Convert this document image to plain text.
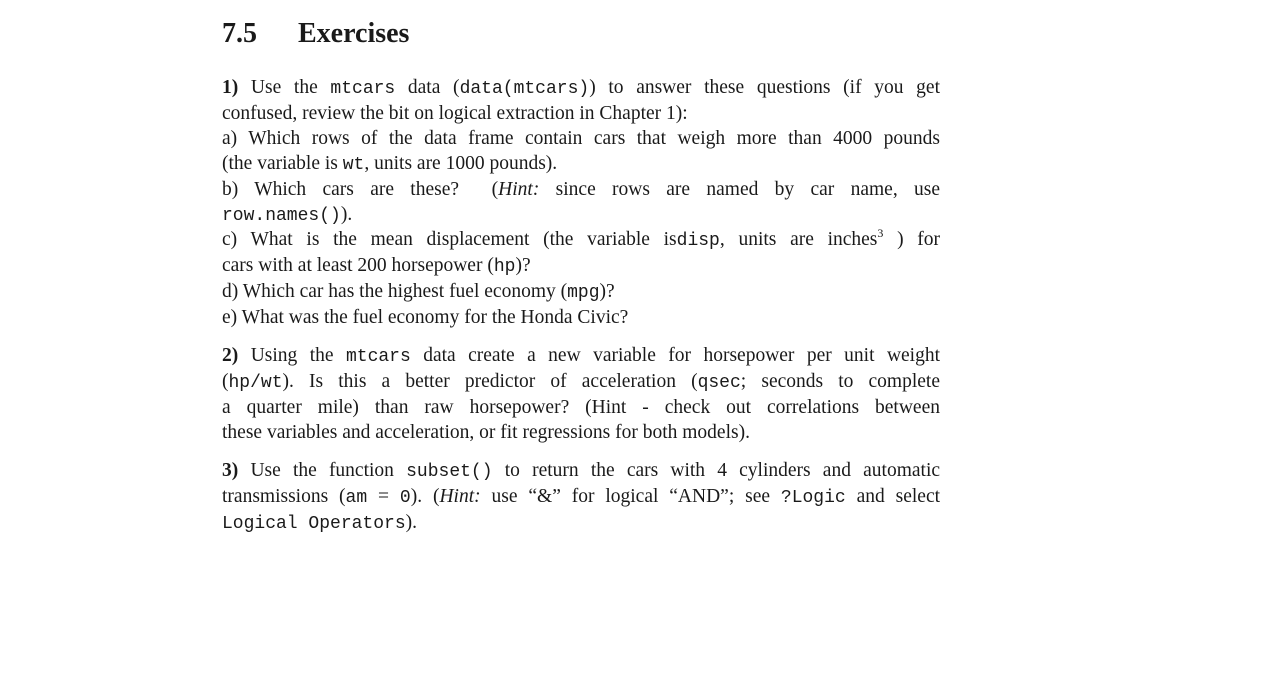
7.5	Exercises
1) Use the mtcars data (data(mtcars)) to answer these questions (if you get
confused, review the bit on logical extraction in Chapter 1):
a) Which rows of the data frame contain cars that weigh more than 4000 pounds
(the variable is wt, units are 1000 pounds).
b) Which cars are these? (Hint: since rows are named by car name, use
row.names()).
c) What is the mean displacement (the variable isdisp, units are inches$^3$ ) for
cars with at least 200 horsepower (hp)?
d) Which car has the highest fuel economy (mpg)?
e) What was the fuel economy for the Honda Civic?
2) Using the mtcars data create a new variable for horsepower per unit weight
(hp/wt). Is this a better predictor of acceleration (qsec; seconds to complete
a quarter mile) than raw horsepower? (Hint - check out correlations between
these variables and acceleration, or fit regressions for both models).
3) Use the function subset() to return the cars with 4 cylinders and automatic
transmissions (am = 0). (Hint: use “&” for logical “AND”; see ?Logic and select
Logical Operators).
